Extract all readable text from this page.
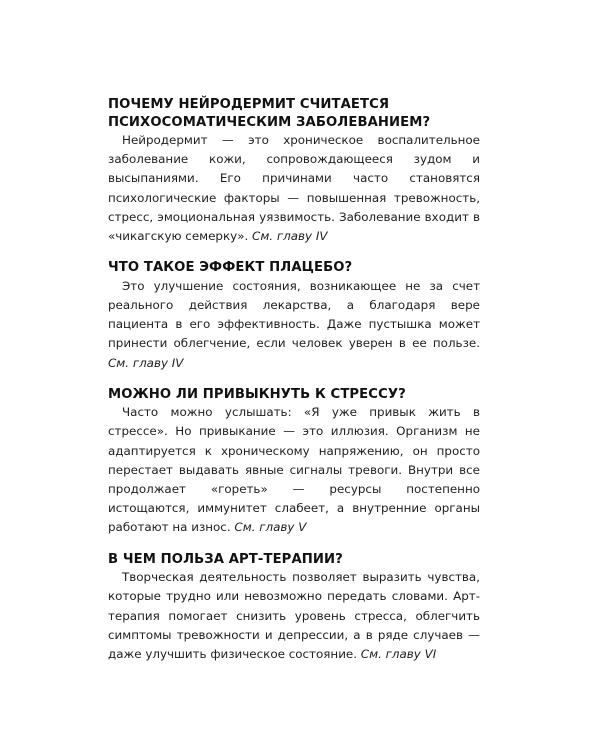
ПОЧЕМУ НЕЙРОДЕРМИТ СЧИТАЕТСЯ
ПСИХОСОМАТИЧЕСКИМ ЗАБОЛЕВАНИЕМ?

Нейродермит — это хроническое воспалительное заболевание кожи, сопровождающееся зудом и высыпаниями. Его причинами часто становятся психологические факторы — повышенная тревожность, стресс, эмоциональная уязвимость. Заболевание входит в «чикагскую семерку». См. главу IV

ЧТО ТАКОЕ ЭФФЕКТ ПЛАЦЕБО?

Это улучшение состояния, возникающее не за счет реального действия лекарства, а благодаря вере пациента в его эффективность. Даже пустышка может принести облегчение, если человек уверен в ее пользе. См. главу IV

МОЖНО ЛИ ПРИВЫКНУТЬ К СТРЕССУ?

Часто можно услышать: «Я уже привык жить в стрессе». Но привыкание — это иллюзия. Организм не адаптируется к хроническому напряжению, он просто перестает выдавать явные сигналы тревоги. Внутри все продолжает «гореть» — ресурсы постепенно истощаются, иммунитет слабеет, а внутренние органы работают на износ. См. главу V

В ЧЕМ ПОЛЬЗА АРТ-ТЕРАПИИ?

Творческая деятельность позволяет выразить чувства, которые трудно или невозможно передать словами. Арт-терапия помогает снизить уровень стресса, облегчить симптомы тревожности и депрессии, а в ряде случаев — даже улучшить физическое состояние. См. главу VI
